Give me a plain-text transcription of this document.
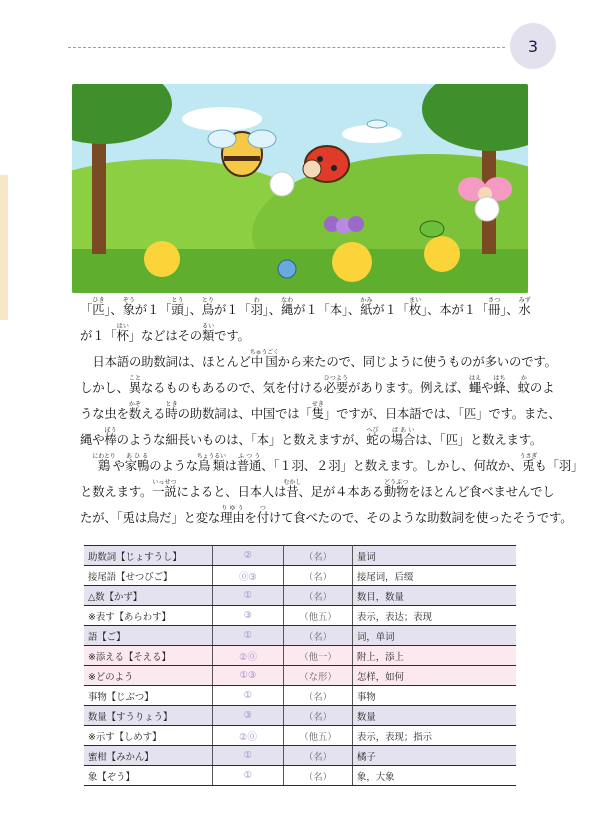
3
「匹ひき」、象ぞうが１「頭とう」、鳥とりが１「羽わ」、縄なわが１「本」、紙かみが１「枚まい」、本が１「冊さつ」、水みず
が１「杯はい」などはその類るいです。
日本語の助数詞は、ほとんど中国ちゅうごくから来たので、同じように使うものが多いのです。
しかし、異ことなるものもあるので、気を付ける必要ひつようがあります。例えば、蠅はえや蜂はち、蚊かのよ
うな虫を数かぞえる時ときの助数詞は、中国では「隻せき」ですが、日本語では、「匹」です。また、
縄や棒ぼうのような細長いものは、「本」と数えますが、蛇へびの場合ばあいは、「匹」と数えます。
鶏にわとりや家鴨あひるのような鳥類ちょうるいは普通ふつう、「１羽、２羽」と数えます。しかし、何故か、兎うさぎも「羽」
と数えます。一説いっせつによると、日本人は昔むかし、足が４本ある動物どうぶつをほとんど食べませんでし
たが、「兎は鳥だ」と変な理由りゆうを付つけて食べたので、そのような助数詞を使ったそうです。
助数詞【じょすうし】	②	（名）	量词
接尾語【せつびご】	⓪③	（名）	接尾词，后缀
△数【かず】	①	（名）	数目，数量
※表す【あらわす】	③	（他五）	表示，表达；表现
語【ご】	①	（名）	词，单词
※添える【そえる】	②⓪	（他一）	附上，添上
※どのよう	①③	（な形）	怎样，如何
事物【じぶつ】	①	（名）	事物
数量【すうりょう】	③	（名）	数量
※示す【しめす】	②⓪	（他五）	表示，表现；指示
蜜柑【みかん】	①	（名）	橘子
象【ぞう】	①	（名）	象，大象
